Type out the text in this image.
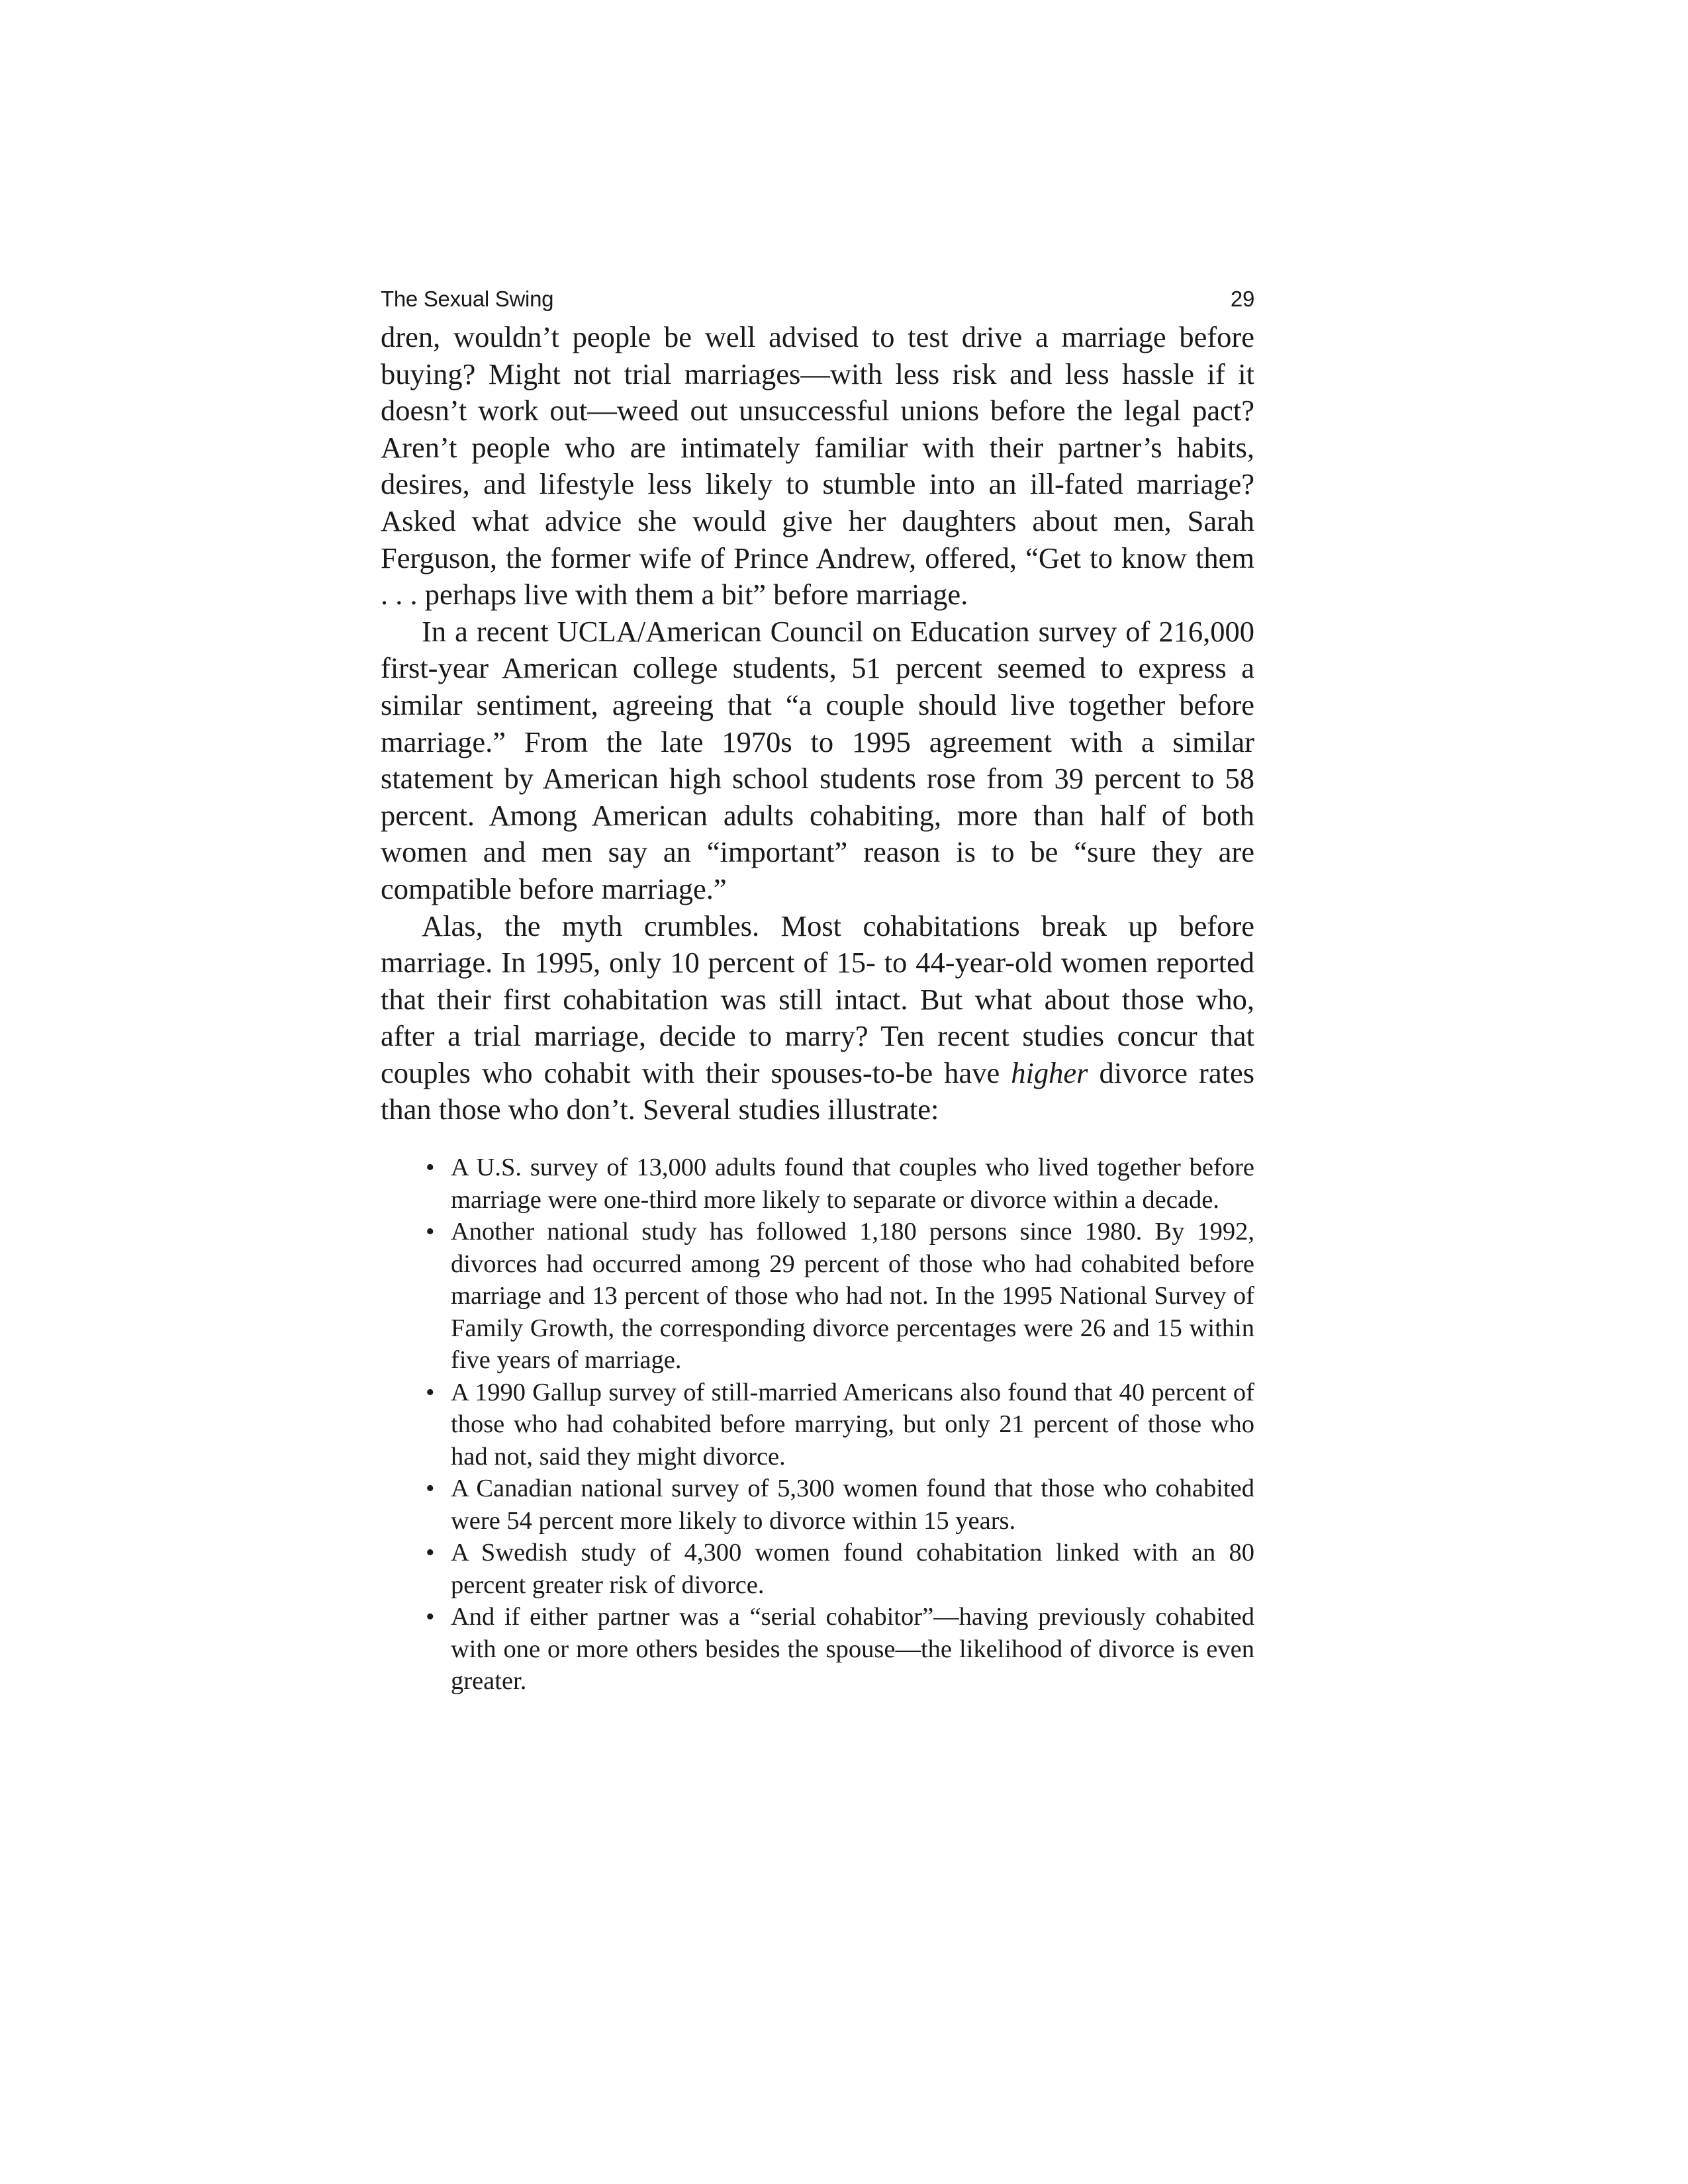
The Sexual Swing	29

dren, wouldn’t people be well advised to test drive a marriage before buying? Might not trial marriages—with less risk and less hassle if it doesn’t work out—weed out unsuccessful unions before the legal pact? Aren’t people who are intimately familiar with their partner’s habits, desires, and lifestyle less likely to stumble into an ill-fated marriage? Asked what advice she would give her daughters about men, Sarah Ferguson, the former wife of Prince Andrew, offered, “Get to know them . . . perhaps live with them a bit” before marriage.

In a recent UCLA/American Council on Education survey of 216,000 first-year American college students, 51 percent seemed to express a similar sentiment, agreeing that “a couple should live together before marriage.” From the late 1970s to 1995 agreement with a similar statement by American high school students rose from 39 percent to 58 percent. Among American adults cohabiting, more than half of both women and men say an “important” reason is to be “sure they are compatible before marriage.”

Alas, the myth crumbles. Most cohabitations break up before marriage. In 1995, only 10 percent of 15- to 44-year-old women reported that their first cohabitation was still intact. But what about those who, after a trial marriage, decide to marry? Ten recent studies concur that couples who cohabit with their spouses-to-be have higher divorce rates than those who don’t. Several studies illustrate:

• A U.S. survey of 13,000 adults found that couples who lived together before marriage were one-third more likely to separate or divorce within a decade.
• Another national study has followed 1,180 persons since 1980. By 1992, divorces had occurred among 29 percent of those who had cohabited before marriage and 13 percent of those who had not. In the 1995 National Survey of Family Growth, the corresponding divorce percentages were 26 and 15 within five years of marriage.
• A 1990 Gallup survey of still-married Americans also found that 40 percent of those who had cohabited before marrying, but only 21 percent of those who had not, said they might divorce.
• A Canadian national survey of 5,300 women found that those who cohabited were 54 percent more likely to divorce within 15 years.
• A Swedish study of 4,300 women found cohabitation linked with an 80 percent greater risk of divorce.
• And if either partner was a “serial cohabitor”—having previously cohabited with one or more others besides the spouse—the likelihood of divorce is even greater.
